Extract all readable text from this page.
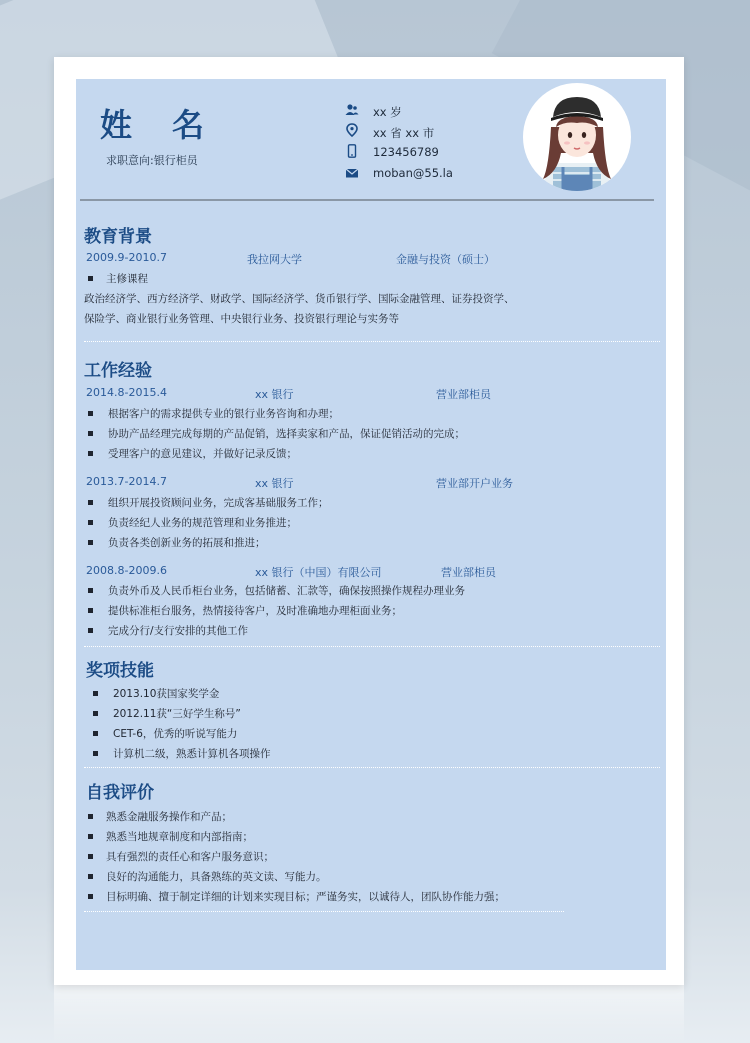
姓名
求职意向:银行柜员
xx 岁
xx 省 xx 市
123456789
moban@55.la
教育背景
2009.9-2010.7	我拉网大学	金融与投资（硕士）
主修课程
政治经济学、西方经济学、财政学、国际经济学、货币银行学、国际金融管理、证券投资学、
保险学、商业银行业务管理、中央银行业务、投资银行理论与实务等
工作经验
2014.8-2015.4	xx 银行	营业部柜员
根据客户的需求提供专业的银行业务咨询和办理；
协助产品经理完成每期的产品促销，选择卖家和产品，保证促销活动的完成；
受理客户的意见建议，并做好记录反馈；
2013.7-2014.7	xx 银行	营业部开户业务
组织开展投资顾问业务，完成客基础服务工作；
负责经纪人业务的规范管理和业务推进；
负责各类创新业务的拓展和推进；
2008.8-2009.6	xx 银行（中国）有限公司	营业部柜员
负责外币及人民币柜台业务，包括储蓄、汇款等，确保按照操作规程办理业务
提供标准柜台服务，热情接待客户，及时准确地办理柜面业务；
完成分行/支行安排的其他工作
奖项技能
2013.10获国家奖学金
2012.11获“三好学生称号”
CET-6，优秀的听说写能力
计算机二级，熟悉计算机各项操作
自我评价
熟悉金融服务操作和产品；
熟悉当地规章制度和内部指南；
具有强烈的责任心和客户服务意识；
良好的沟通能力，具备熟练的英文读、写能力。
目标明确、擅于制定详细的计划来实现目标；严谨务实，以诚待人，团队协作能力强；
